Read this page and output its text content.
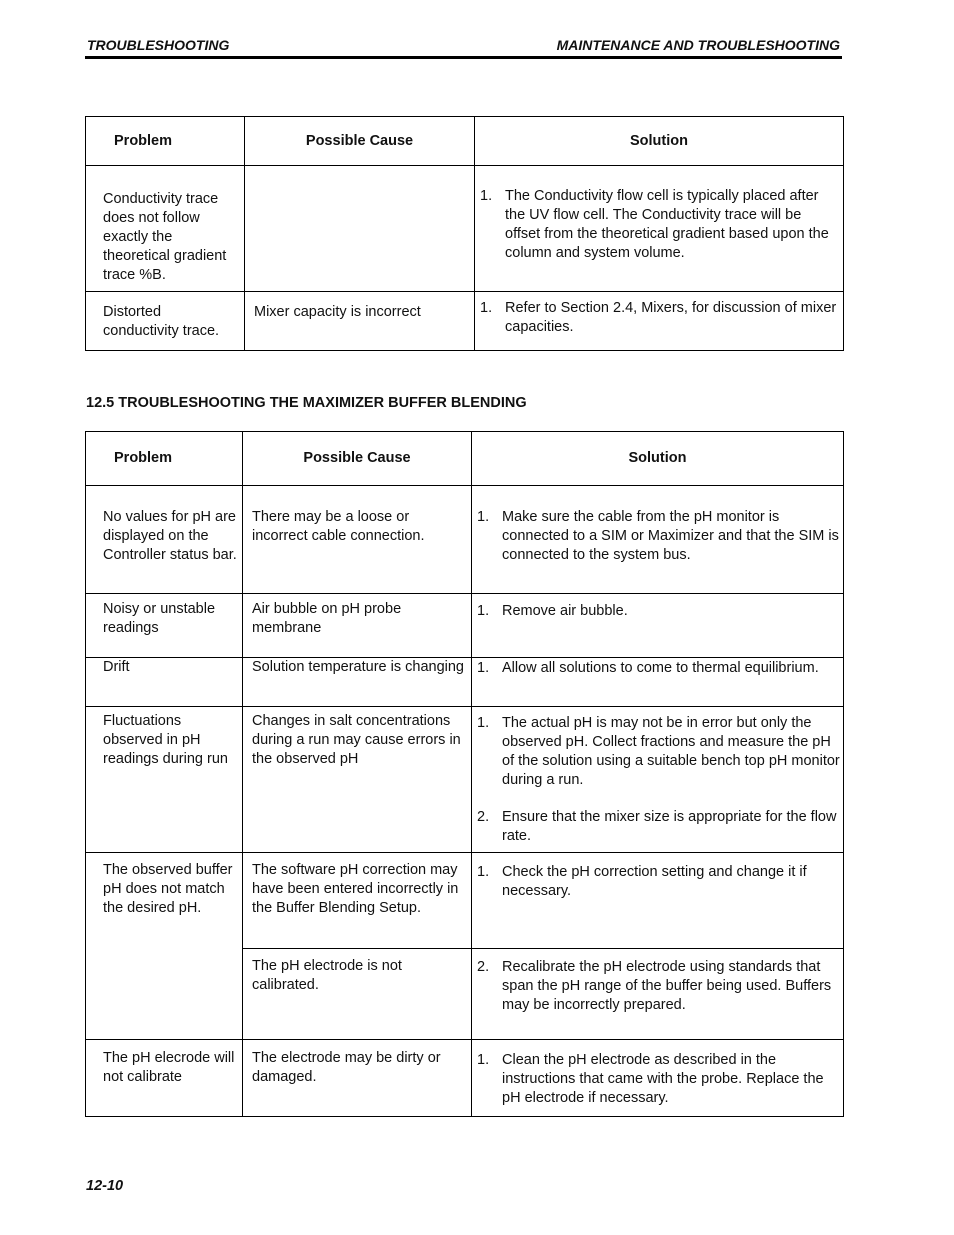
TROUBLESHOOTING	MAINTENANCE AND TROUBLESHOOTING
Problem	Possible Cause	Solution

Conductivity trace does not follow exactly the theoretical gradient trace %B.		1. The Conductivity flow cell is typically placed after the UV flow cell. The Conductivity trace will be offset from the theoretical gradient based upon the column and system volume.

Distorted conductivity trace.	Mixer capacity is incorrect	1. Refer to Section 2.4, Mixers, for discussion of mixer capacities.
12.5 TROUBLESHOOTING THE MAXIMIZER BUFFER BLENDING
Problem	Possible Cause	Solution

No values for pH are displayed on the Controller status bar.	There may be a loose or incorrect cable connection.	1. Make sure the cable from the pH monitor is connected to a SIM or Maximizer and that the SIM is connected to the system bus.

Noisy or unstable readings	Air bubble on pH probe membrane	1. Remove air bubble.

Drift	Solution temperature is changing	1. Allow all solutions to come to thermal equilibrium.

Fluctuations observed in pH readings during run	Changes in salt concentrations during a run may cause errors in the observed pH	1. The actual pH is may not be in error but only the observed pH. Collect fractions and measure the pH of the solution using a suitable bench top pH monitor during a run.
2. Ensure that the mixer size is appropriate for the flow rate.

The observed buffer pH does not match the desired pH.	The software pH correction may have been entered incorrectly in the Buffer Blending Setup.	1. Check the pH correction setting and change it if necessary.

	The pH electrode is not calibrated.	2. Recalibrate the pH electrode using standards that span the pH range of the buffer being used. Buffers may be incorrectly prepared.

The pH elecrode will not calibrate	The electrode may be dirty or damaged.	1. Clean the pH electrode as described in the instructions that came with the probe. Replace the pH electrode if necessary.
12-10
